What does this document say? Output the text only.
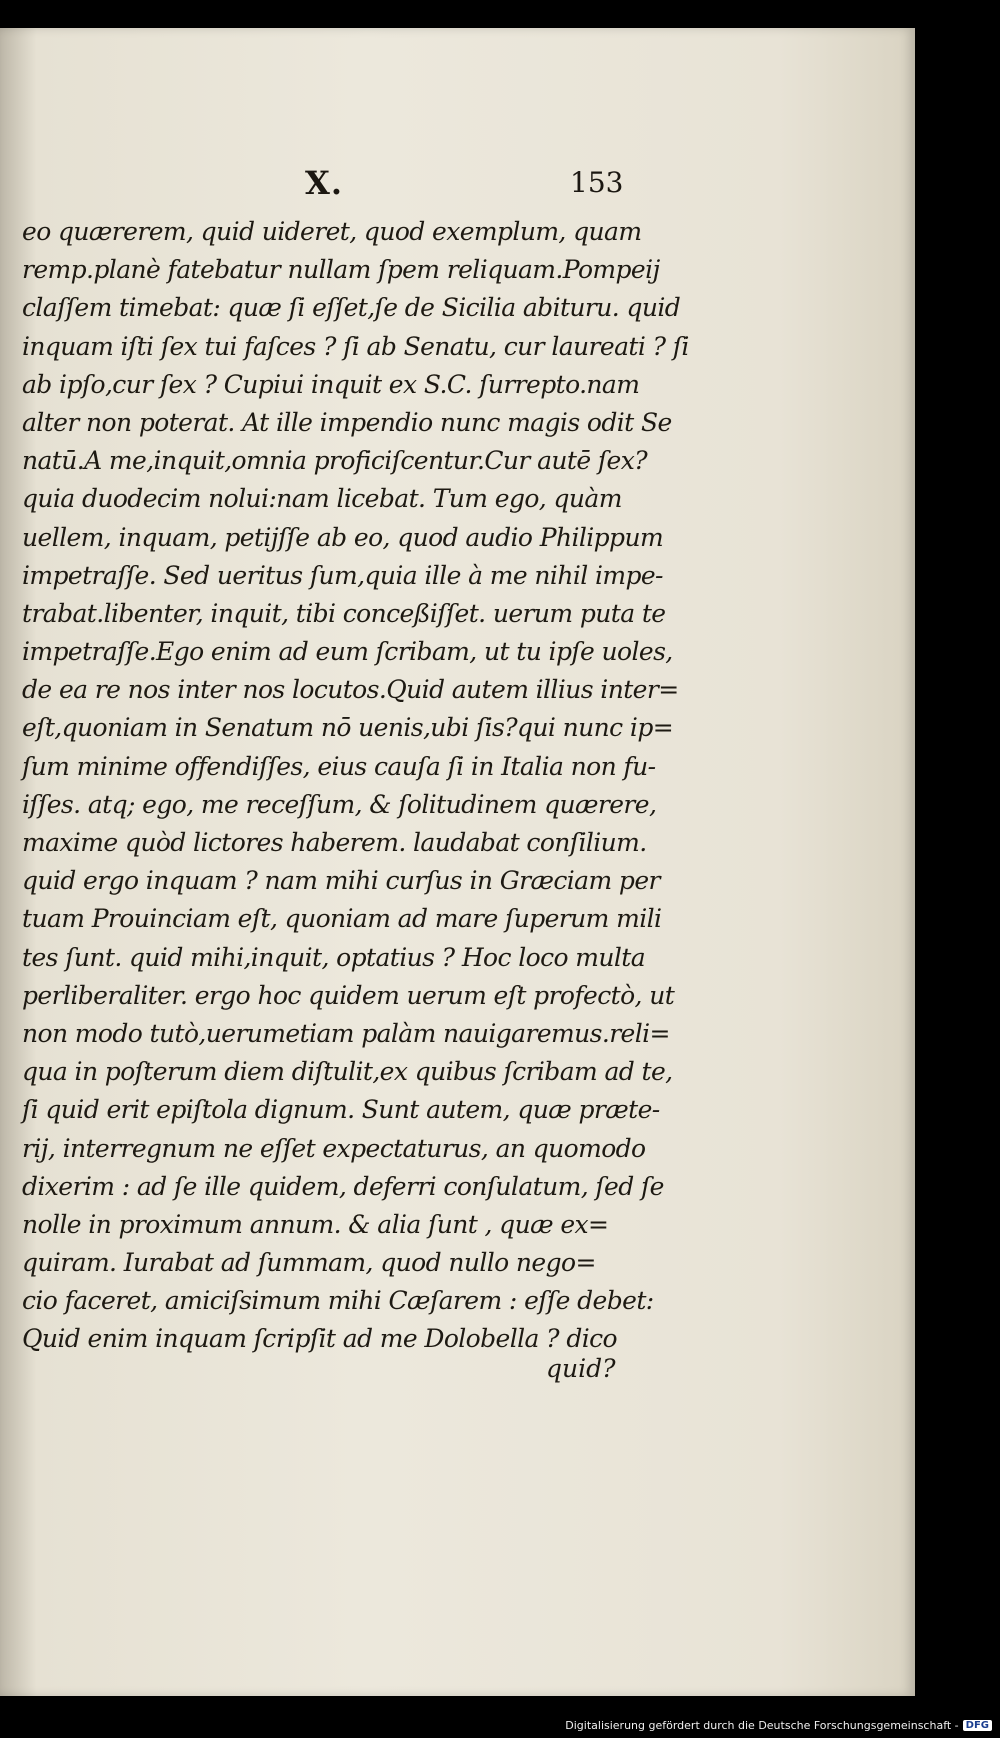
X.	153
eo quærerem, quid uideret, quod exemplum, quam
remp.planè fatebatur nullam ſpem reliquam.Pompeij
claſſem timebat: quæ ſi eſſet,ſe de Sicilia abituru. quid
inquam iſti ſex tui faſces ? ſi ab Senatu, cur laureati ? ſi
ab ipſo,cur ſex ? Cupiui inquit ex S.C. ſurrepto.nam
alter non poterat. At ille impendio nunc magis odit Se
natū.A me,inquit,omnia proficiſcentur.Cur autē ſex?
quia duodecim nolui:nam licebat. Tum ego, quàm
uellem, inquam, petijſſe ab eo, quod audio Philippum
impetraſſe. Sed ueritus ſum,quia ille à me nihil impe-
trabat.libenter, inquit, tibi conceßiſſet. uerum puta te
impetraſſe.Ego enim ad eum ſcribam, ut tu ipſe uoles,
de ea re nos inter nos locutos.Quid autem illius inter=
eſt,quoniam in Senatum nō uenis,ubi ſis?qui nunc ip=
ſum minime offendiſſes, eius cauſa ſi in Italia non fu-
iſſes. atq; ego, me receſſum, & ſolitudinem quærere,
maxime quòd lictores haberem. laudabat conſilium.
quid ergo inquam ? nam mihi curſus in Græciam per
tuam Prouinciam eſt, quoniam ad mare ſuperum mili
tes ſunt. quid mihi,inquit, optatius ? Hoc loco multa
perliberaliter. ergo hoc quidem uerum eſt profectò, ut
non modo tutò,uerumetiam palàm nauigaremus.reli=
qua in poſterum diem diſtulit,ex quibus ſcribam ad te,
ſi quid erit epiſtola dignum. Sunt autem, quæ præte-
rij, interregnum ne eſſet expectaturus, an quomodo
dixerim : ad ſe ille quidem, deferri conſulatum, ſed ſe
nolle in proximum annum. & alia ſunt , quæ ex=
quiram. Iurabat ad ſummam, quod nullo nego=
cio faceret, amiciſsimum mihi Cæſarem : eſſe debet:
Quid enim inquam ſcripſit ad me Dolobella ? dico
quid?
Digitalisierung gefördert durch die Deutsche Forschungsgemeinschaft - DFG
